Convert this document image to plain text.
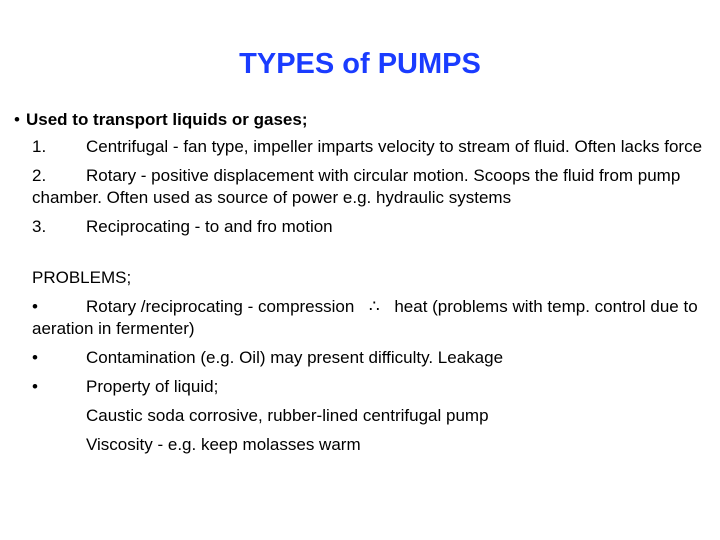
TYPES of PUMPS
• Used to transport liquids or gases;
1. Centrifugal - fan type, impeller imparts velocity to stream of fluid. Often lacks force
2. Rotary - positive displacement with circular motion. Scoops the fluid from pump chamber. Often used as source of power e.g. hydraulic systems
3. Reciprocating - to and fro motion
PROBLEMS;
•	Rotary /reciprocating - compression ∴ heat (problems with temp. control due to aeration in fermenter)
•	Contamination (e.g. Oil) may present difficulty. Leakage
•	Property of liquid;
Caustic soda corrosive, rubber-lined centrifugal pump
Viscosity - e.g. keep molasses warm
